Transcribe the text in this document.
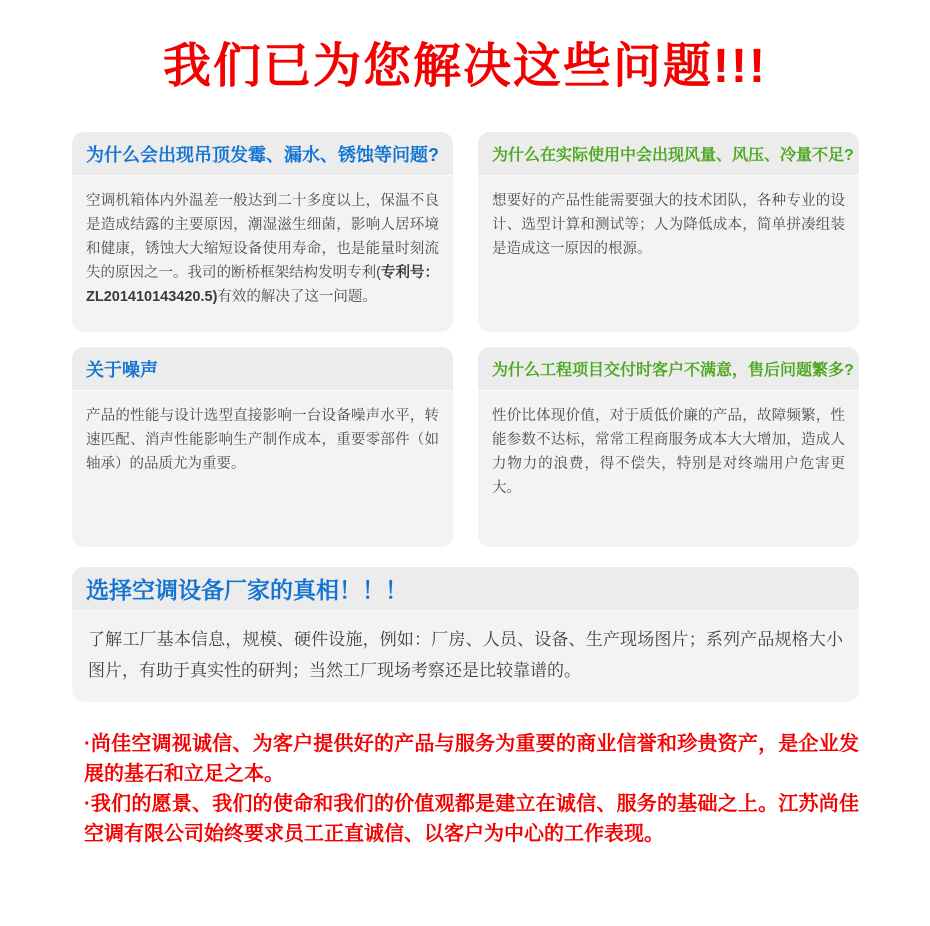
我们已为您解决这些问题!!!
为什么会出现吊顶发霉、漏水、锈蚀等问题?

空调机箱体内外温差一般达到二十多度以上，保温不良是造成结露的主要原因，潮湿滋生细菌，影响人居环境和健康，锈蚀大大缩短设备使用寿命，也是能量时刻流失的原因之一。我司的断桥框架结构发明专利(专利号：ZL201410143420.5)有效的解决了这一问题。

为什么在实际使用中会出现风量、风压、冷量不足?

想要好的产品性能需要强大的技术团队，各种专业的设计、选型计算和测试等；人为降低成本，简单拼凑组装是造成这一原因的根源。

关于噪声

产品的性能与设计选型直接影响一台设备噪声水平，转速匹配、消声性能影响生产制作成本，重要零部件（如轴承）的品质尤为重要。

为什么工程项目交付时客户不满意，售后问题繁多?

性价比体现价值，对于质低价廉的产品，故障频繁，性能参数不达标，常常工程商服务成本大大增加，造成人力物力的浪费，得不偿失，特别是对终端用户危害更大。

选择空调设备厂家的真相！！！

了解工厂基本信息，规模、硬件设施，例如：厂房、人员、设备、生产现场图片；系列产品规格大小图片，有助于真实性的研判；当然工厂现场考察还是比较靠谱的。

·尚佳空调视诚信、为客户提供好的产品与服务为重要的商业信誉和珍贵资产，是企业发展的基石和立足之本。

·我们的愿景、我们的使命和我们的价值观都是建立在诚信、服务的基础之上。江苏尚佳空调有限公司始终要求员工正直诚信、以客户为中心的工作表现。
